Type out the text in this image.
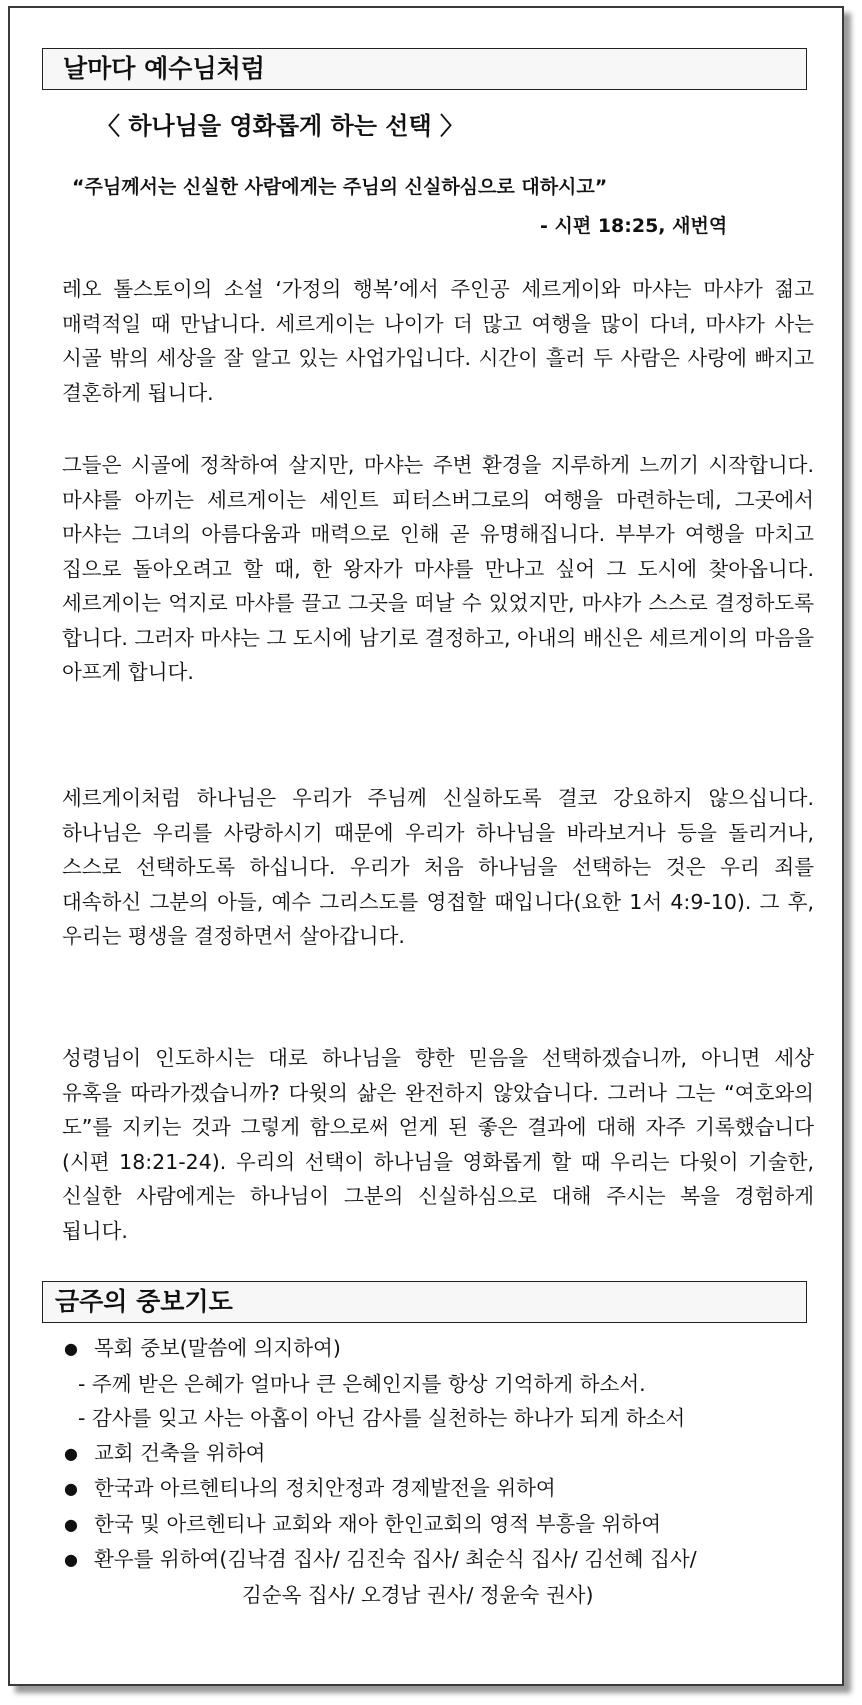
날마다 예수님처럼
〈 하나님을 영화롭게 하는 선택 〉
“주님께서는 신실한 사람에게는 주님의 신실하심으로 대하시고”
- 시편 18:25, 새번역

레오 톨스토이의 소설 ‘가정의 행복’에서 주인공 세르게이와 마샤는 마샤가 젊고 매력적일 때 만납니다. 세르게이는 나이가 더 많고 여행을 많이 다녀, 마샤가 사는 시골 밖의 세상을 잘 알고 있는 사업가입니다. 시간이 흘러 두 사람은 사랑에 빠지고 결혼하게 됩니다.

그들은 시골에 정착하여 살지만, 마샤는 주변 환경을 지루하게 느끼기 시작합니다. 마샤를 아끼는 세르게이는 세인트 피터스버그로의 여행을 마련하는데, 그곳에서 마샤는 그녀의 아름다움과 매력으로 인해 곧 유명해집니다. 부부가 여행을 마치고 집으로 돌아오려고 할 때, 한 왕자가 마샤를 만나고 싶어 그 도시에 찾아옵니다. 세르게이는 억지로 마샤를 끌고 그곳을 떠날 수 있었지만, 마샤가 스스로 결정하도록 합니다. 그러자 마샤는 그 도시에 남기로 결정하고, 아내의 배신은 세르게이의 마음을 아프게 합니다.

세르게이처럼 하나님은 우리가 주님께 신실하도록 결코 강요하지 않으십니다. 하나님은 우리를 사랑하시기 때문에 우리가 하나님을 바라보거나 등을 돌리거나, 스스로 선택하도록 하십니다. 우리가 처음 하나님을 선택하는 것은 우리 죄를 대속하신 그분의 아들, 예수 그리스도를 영접할 때입니다(요한 1서 4:9-10). 그 후, 우리는 평생을 결정하면서 살아갑니다.

성령님이 인도하시는 대로 하나님을 향한 믿음을 선택하겠습니까, 아니면 세상 유혹을 따라가겠습니까? 다윗의 삶은 완전하지 않았습니다. 그러나 그는 “여호와의 도”를 지키는 것과 그렇게 함으로써 얻게 된 좋은 결과에 대해 자주 기록했습니다(시편 18:21-24). 우리의 선택이 하나님을 영화롭게 할 때 우리는 다윗이 기술한, 신실한 사람에게는 하나님이 그분의 신실하심으로 대해 주시는 복을 경험하게 됩니다.

금주의 중보기도
● 목회 중보(말씀에 의지하여)
- 주께 받은 은혜가 얼마나 큰 은혜인지를 항상 기억하게 하소서.
- 감사를 잊고 사는 아홉이 아닌 감사를 실천하는 하나가 되게 하소서
● 교회 건축을 위하여
● 한국과 아르헨티나의 정치안정과 경제발전을 위하여
● 한국 및 아르헨티나 교회와 재아 한인교회의 영적 부흥을 위하여
● 환우를 위하여(김낙겸 집사/ 김진숙 집사/ 최순식 집사/ 김선혜 집사/
김순옥 집사/ 오경남 권사/ 정윤숙 권사)
